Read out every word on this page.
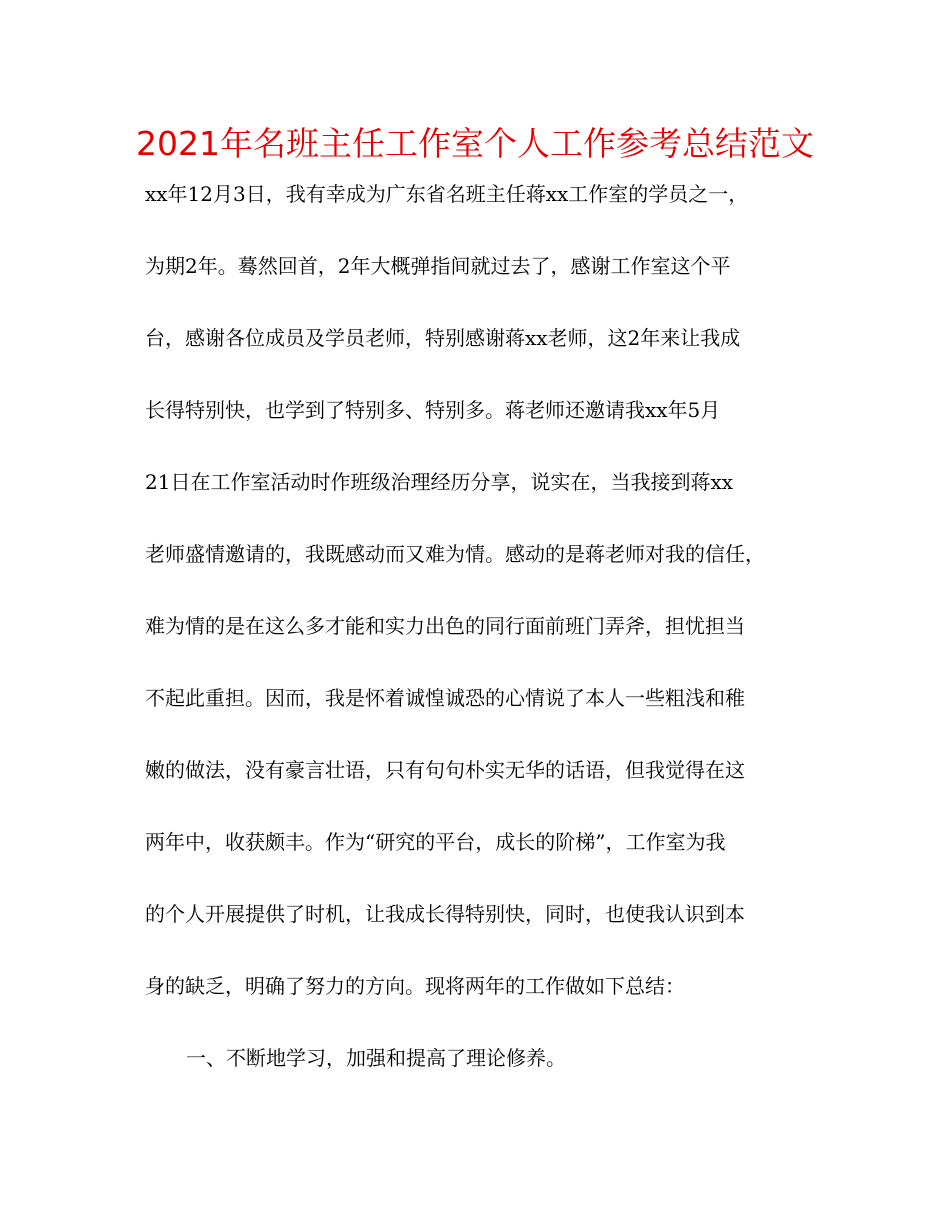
2021年名班主任工作室个人工作参考总结范文
xx年12月3日，我有幸成为广东省名班主任蒋xx工作室的学员之一，
为期2年。蓦然回首，2年大概弹指间就过去了，感谢工作室这个平
台，感谢各位成员及学员老师，特别感谢蒋xx老师，这2年来让我成
长得特别快，也学到了特别多、特别多。蒋老师还邀请我xx年5月
21日在工作室活动时作班级治理经历分享，说实在，当我接到蒋xx
老师盛情邀请的，我既感动而又难为情。感动的是蒋老师对我的信任，
难为情的是在这么多才能和实力出色的同行面前班门弄斧，担忧担当
不起此重担。因而，我是怀着诚惶诚恐的心情说了本人一些粗浅和稚
嫩的做法，没有豪言壮语，只有句句朴实无华的话语，但我觉得在这
两年中，收获颇丰。作为“研究的平台，成长的阶梯”，工作室为我
的个人开展提供了时机，让我成长得特别快，同时，也使我认识到本
身的缺乏，明确了努力的方向。现将两年的工作做如下总结：
一、不断地学习，加强和提高了理论修养。
